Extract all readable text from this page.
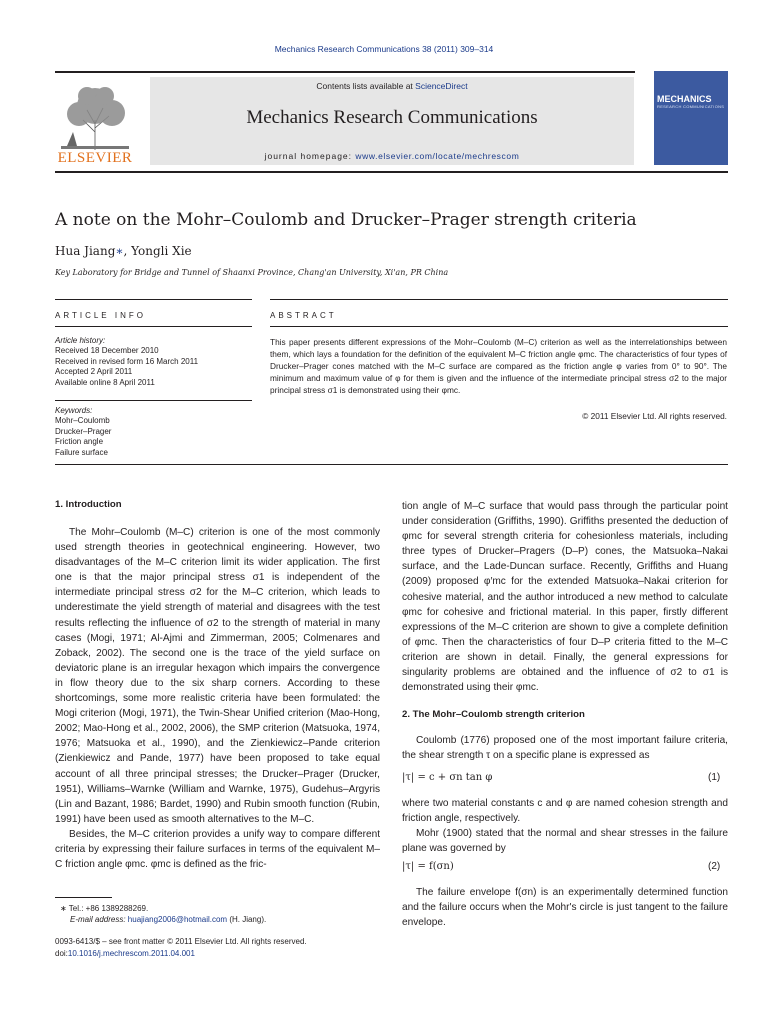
Mechanics Research Communications 38 (2011) 309–314
ELSEVIER
Contents lists available at ScienceDirect
Mechanics Research Communications
journal homepage: www.elsevier.com/locate/mechrescom
MECHANICS
RESEARCH COMMUNICATIONS
A note on the Mohr–Coulomb and Drucker–Prager strength criteria
Hua Jiang∗, Yongli Xie
Key Laboratory for Bridge and Tunnel of Shaanxi Province, Chang'an University, Xi'an, PR China
ARTICLE INFO
Article history:
Received 18 December 2010
Received in revised form 16 March 2011
Accepted 2 April 2011
Available online 8 April 2011
Keywords:
Mohr–Coulomb
Drucker–Prager
Friction angle
Failure surface
ABSTRACT
This paper presents different expressions of the Mohr–Coulomb (M–C) criterion as well as the interrelationships between them, which lays a foundation for the definition of the equivalent M–C friction angle φmc. The characteristics of four types of Drucker–Prager cones matched with the M–C surface are compared as the friction angle φ varies from 0° to 90°. The minimum and maximum value of φ for them is given and the influence of the intermediate principal stress σ2 to the major principal stress σ1 is demonstrated using their φmc.
© 2011 Elsevier Ltd. All rights reserved.
1. Introduction

The Mohr–Coulomb (M–C) criterion is one of the most commonly used strength theories in geotechnical engineering. However, two disadvantages of the M–C criterion limit its wider application. The first one is that the major principal stress σ1 is independent of the intermediate principal stress σ2 for the M–C criterion, which leads to underestimate the yield strength of material and disagrees with the test results reflecting the influence of σ2 to the strength of material in many cases (Mogi, 1971; Al-Ajmi and Zimmerman, 2005; Colmenares and Zoback, 2002). The second one is the trace of the yield surface on deviatoric plane is an irregular hexagon which impairs the convergence in flow theory due to the six sharp corners. According to these shortcomings, some more realistic criteria have been formulated: the Mogi criterion (Mogi, 1971), the Twin-Shear Unified criterion (Mao-Hong, 2002; Mao-Hong et al., 2002, 2006), the SMP criterion (Matsuoka, 1974, 1976; Matsuoka et al., 1990), and the Zienkiewicz–Pande criterion (Zienkiewicz and Pande, 1977) have been proposed to take equal account of all three principal stresses; the Drucker–Prager (Drucker, 1951), Williams–Warnke (William and Warnke, 1975), Gudehus–Argyris (Lin and Bazant, 1986; Bardet, 1990) and Rubin smooth function (Rubin, 1991) have been used as smooth alternatives to the M–C.

Besides, the M–C criterion provides a unify way to compare different criteria by expressing their failure surfaces in terms of the equivalent M–C friction angle φmc. φmc is defined as the fric-

tion angle of M–C surface that would pass through the particular point under consideration (Griffiths, 1990). Griffiths presented the deduction of φmc for several strength criteria for cohesionless materials, including three types of Drucker–Pragers (D–P) cones, the Matsuoka–Nakai surface, and the Lade-Duncan surface. Recently, Griffiths and Huang (2009) proposed φ′mc for the extended Matsuoka–Nakai criterion for cohesive material, and the author introduced a new method to calculate φmc for cohesive and frictional material. In this paper, firstly different expressions of the M–C criterion are shown to give a complete definition of φmc. Then the characteristics of four D–P criteria fitted to the M–C criterion are shown in detail. Finally, the general expressions for singularity problems are obtained and the influence of σ2 to σ1 is demonstrated using their φmc.

2. The Mohr–Coulomb strength criterion

Coulomb (1776) proposed one of the most important failure criteria, the shear strength τ on a specific plane is expressed as

|τ| = c + σn tan φ	(1)

where two material constants c and φ are named cohesion strength and friction angle, respectively.

Mohr (1900) stated that the normal and shear stresses in the failure plane was governed by

|τ| = f(σn)	(2)

The failure envelope f(σn) is an experimentally determined function and the failure occurs when the Mohr's circle is just tangent to the failure envelope.

∗ Tel.: +86 1389288269.
E-mail address: huajiang2006@hotmail.com (H. Jiang).
0093-6413/$ – see front matter © 2011 Elsevier Ltd. All rights reserved.
doi:10.1016/j.mechrescom.2011.04.001
